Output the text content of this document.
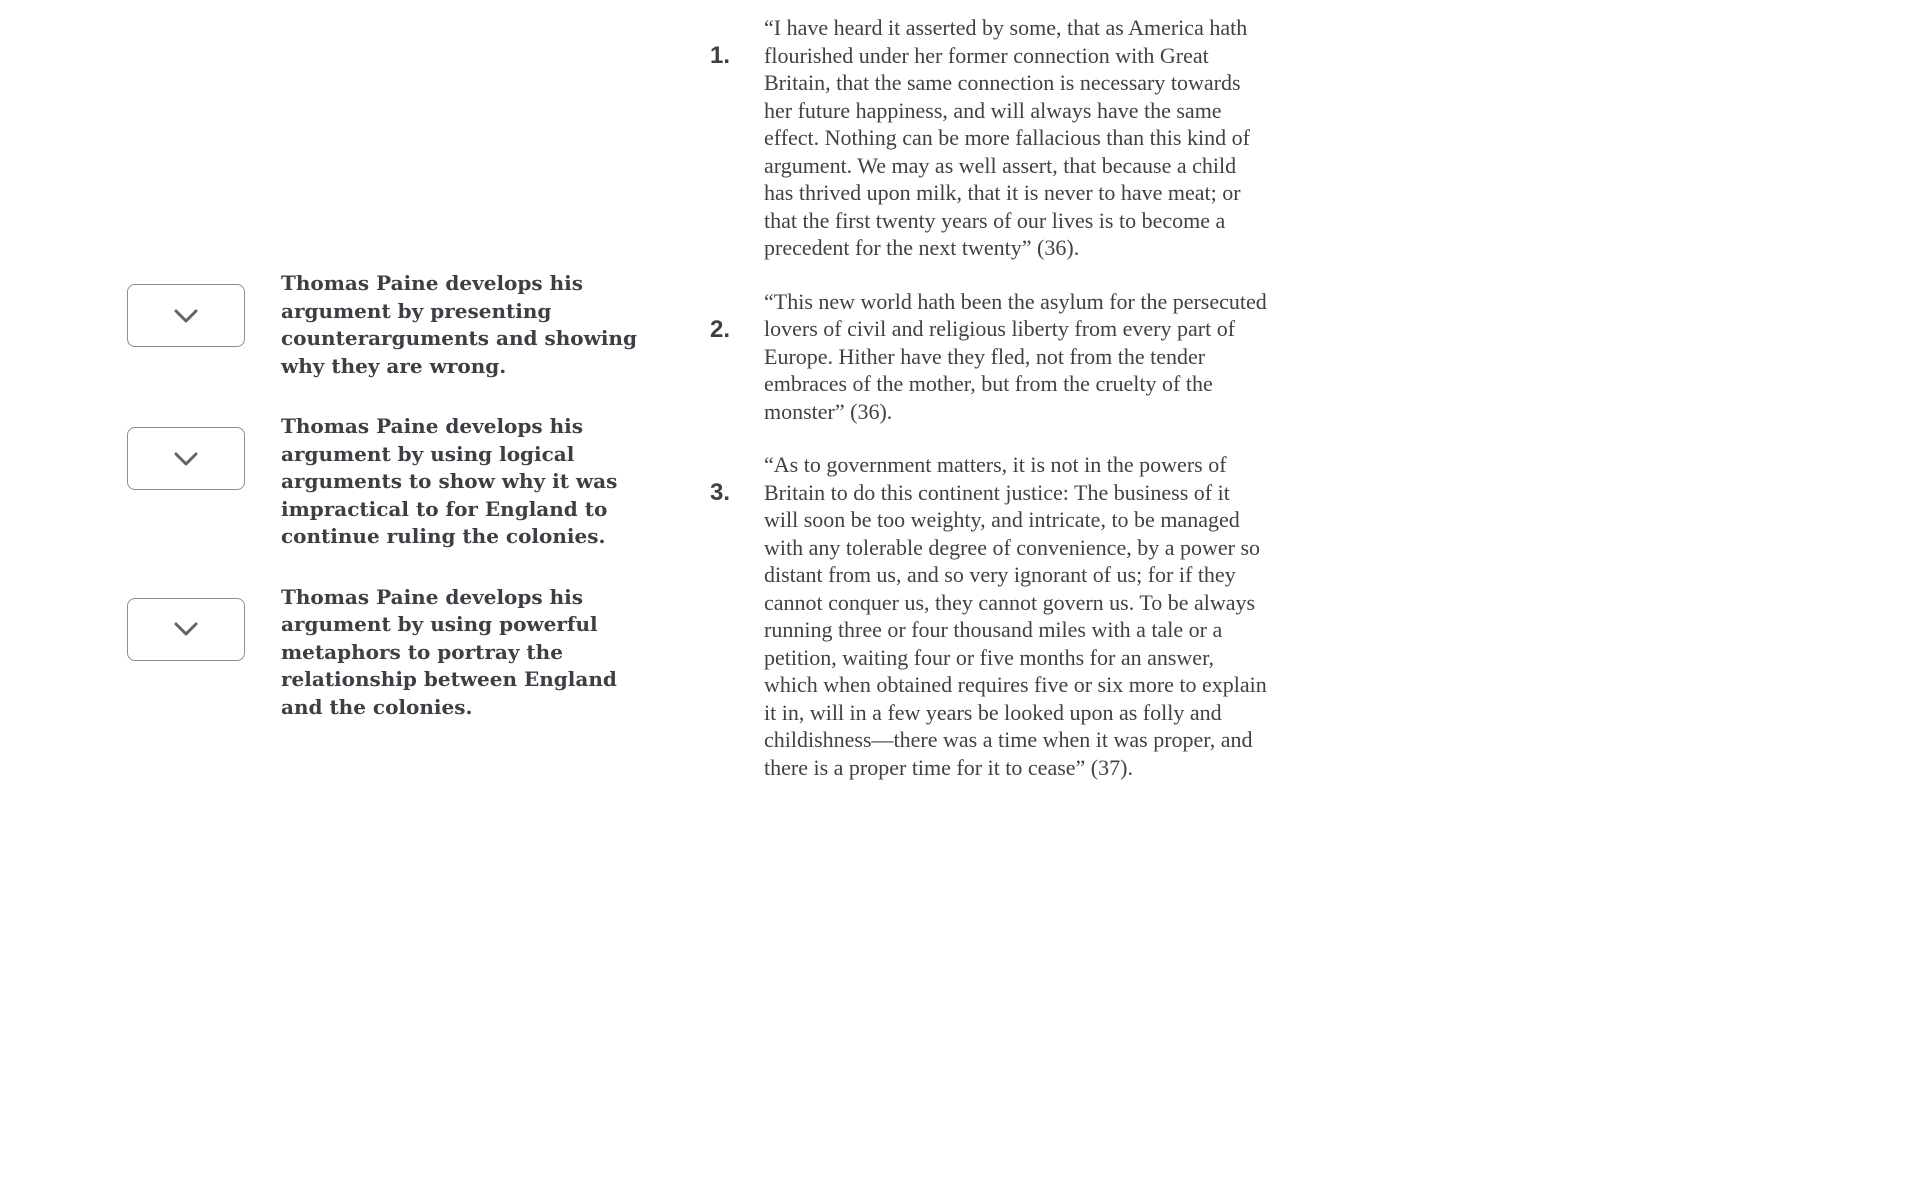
Thomas Paine develops his argument by presenting counterarguments and showing why they are wrong.
Thomas Paine develops his argument by using logical arguments to show why it was impractical to for England to continue ruling the colonies.
Thomas Paine develops his argument by using powerful metaphors to portray the relationship between England and the colonies.
1.
“I have heard it asserted by some, that as America hath flourished under her former connection with Great Britain, that the same connection is necessary towards her future happiness, and will always have the same effect. Nothing can be more fallacious than this kind of argument. We may as well assert, that because a child has thrived upon milk, that it is never to have meat; or that the first twenty years of our lives is to become a precedent for the next twenty” (36).
2.
“This new world hath been the asylum for the persecuted lovers of civil and religious liberty from every part of Europe. Hither have they fled, not from the tender embraces of the mother, but from the cruelty of the monster” (36).
3.
“As to government matters, it is not in the powers of Britain to do this continent justice: The business of it will soon be too weighty, and intricate, to be managed with any tolerable degree of convenience, by a power so distant from us, and so very ignorant of us; for if they cannot conquer us, they cannot govern us. To be always running three or four thousand miles with a tale or a petition, waiting four or five months for an answer, which when obtained requires five or six more to explain it in, will in a few years be looked upon as folly and childishness—there was a time when it was proper, and there is a proper time for it to cease” (37).
